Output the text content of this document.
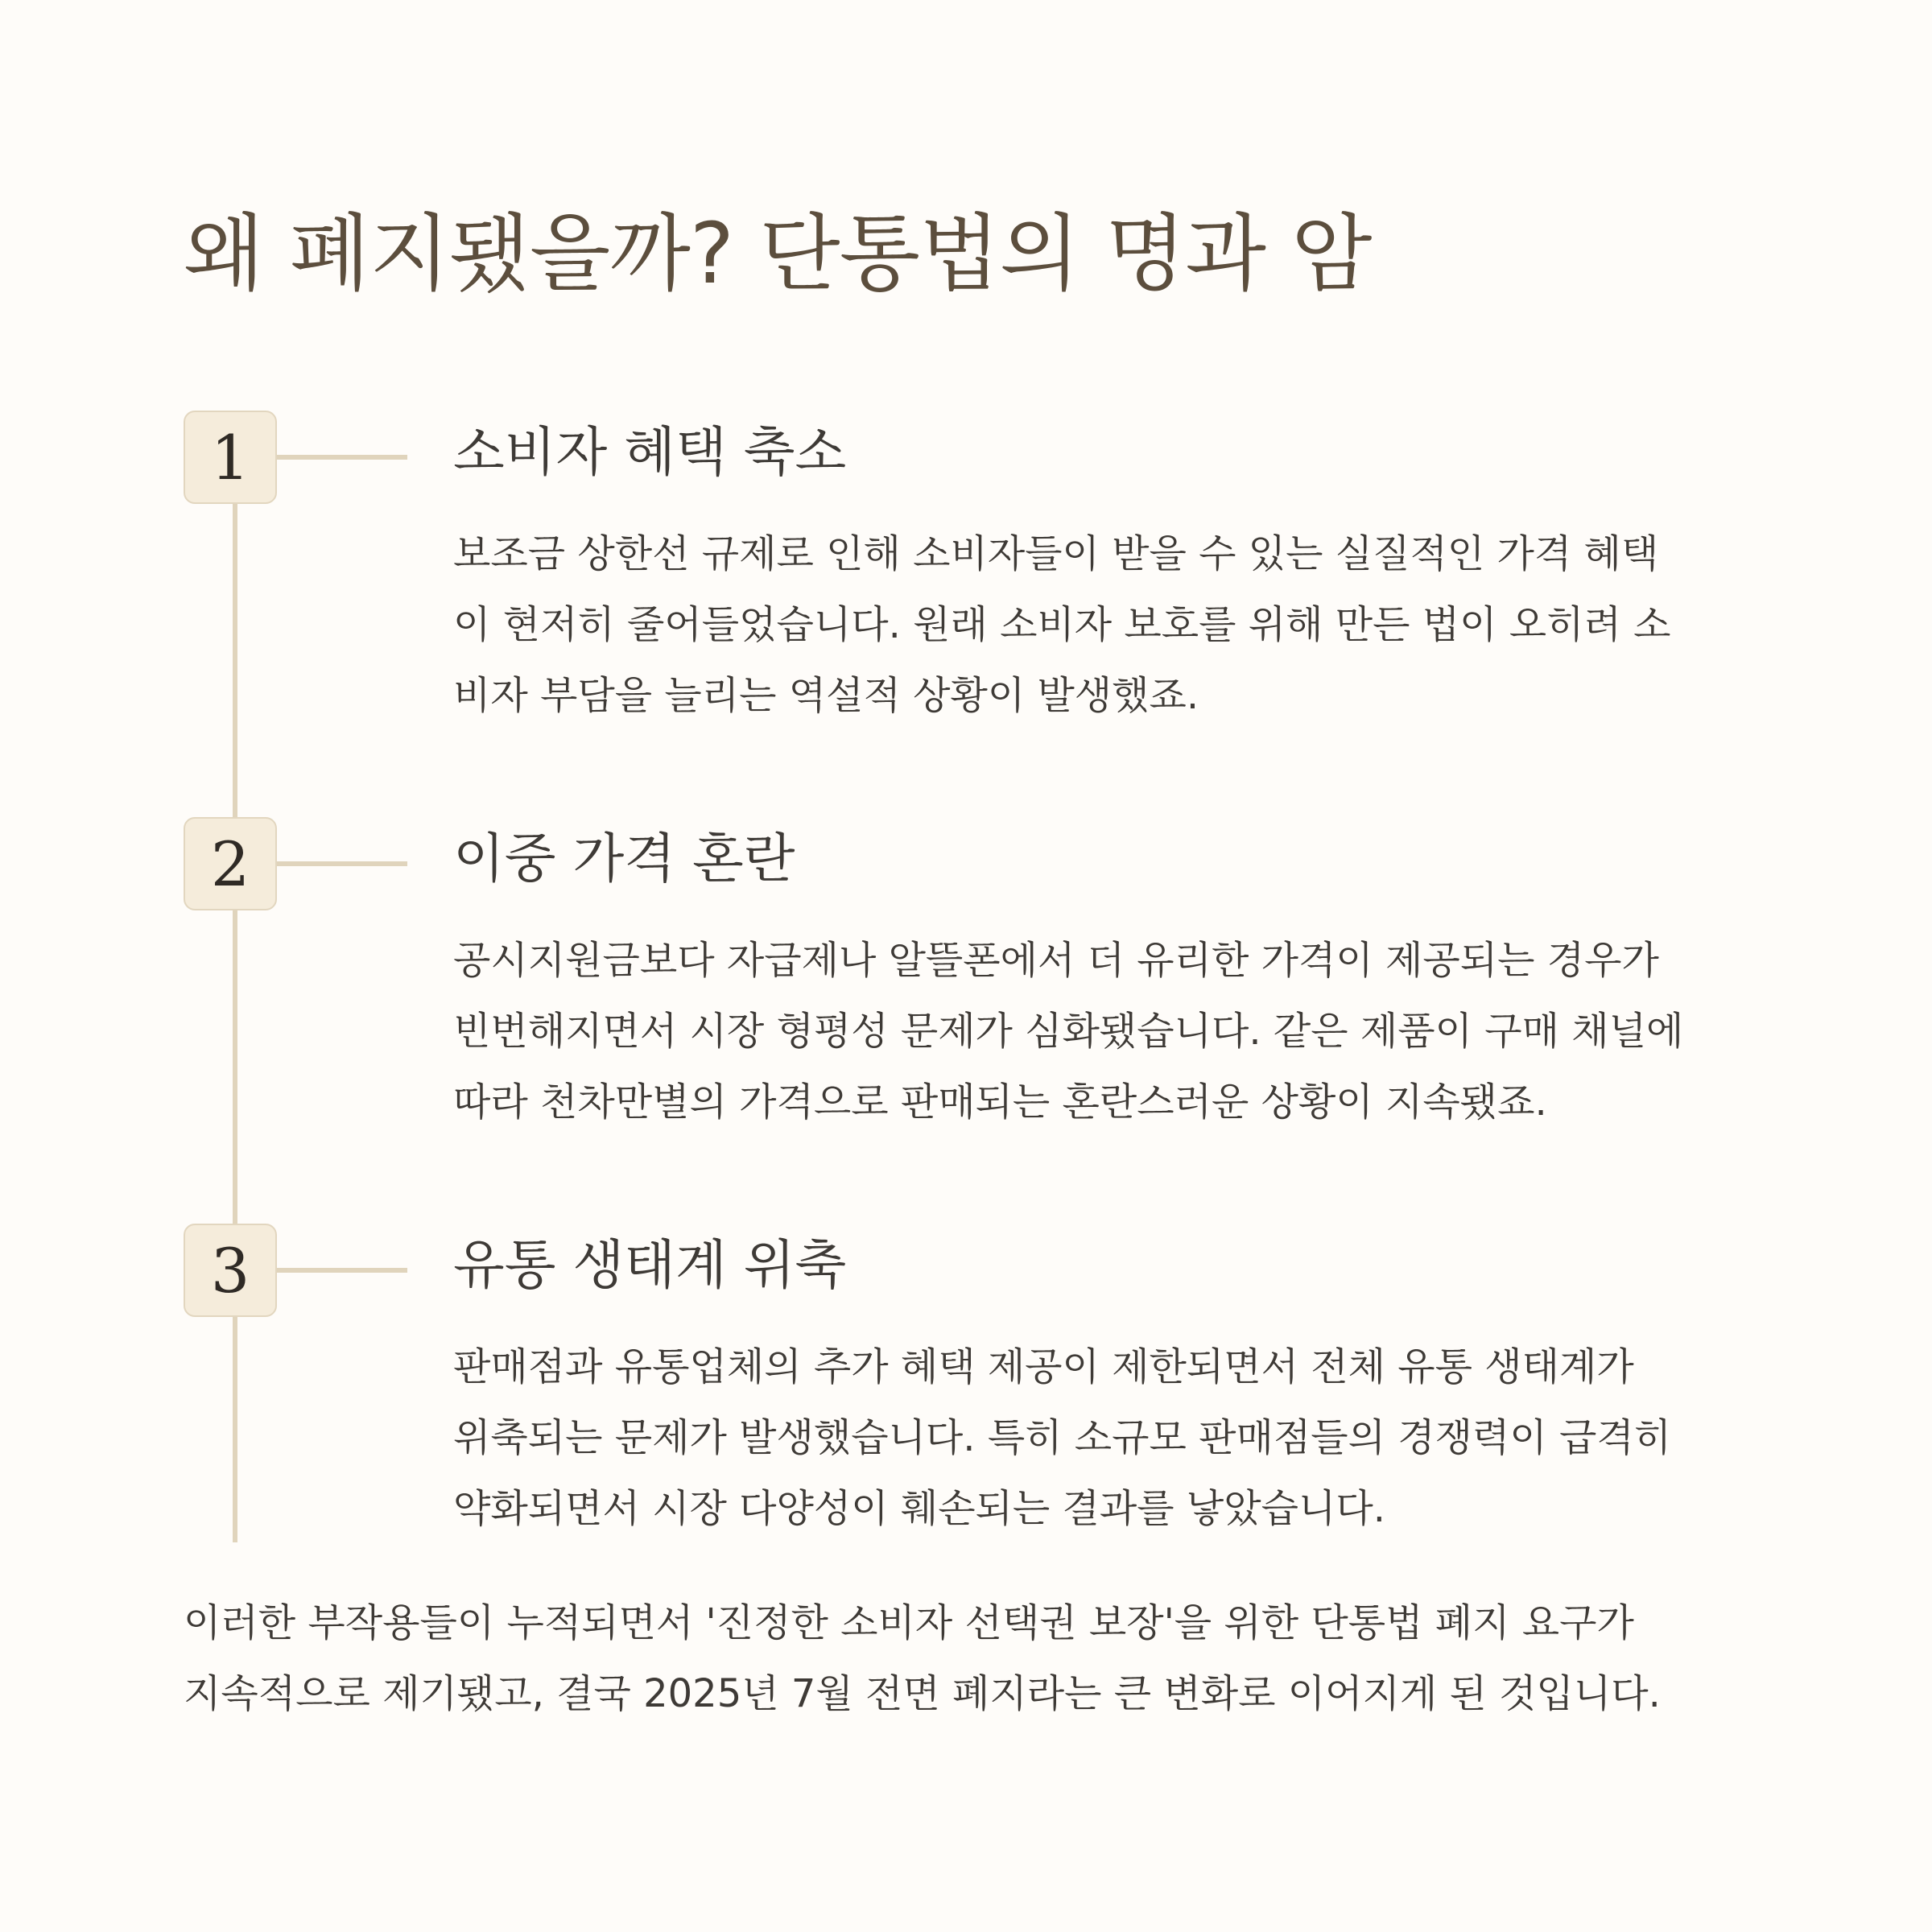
왜 폐지됐을까? 단통법의 명과 암
1	소비자 혜택 축소

보조금 상한선 규제로 인해 소비자들이 받을 수 있는 실질적인 가격 혜택
이 현저히 줄어들었습니다. 원래 소비자 보호를 위해 만든 법이 오히려 소
비자 부담을 늘리는 역설적 상황이 발생했죠.

2	이중 가격 혼란

공시지원금보다 자급제나 알뜰폰에서 더 유리한 가격이 제공되는 경우가
빈번해지면서 시장 형평성 문제가 심화됐습니다. 같은 제품이 구매 채널에
따라 천차만별의 가격으로 판매되는 혼란스러운 상황이 지속됐죠.

3	유통 생태계 위축

판매점과 유통업체의 추가 혜택 제공이 제한되면서 전체 유통 생태계가
위축되는 문제가 발생했습니다. 특히 소규모 판매점들의 경쟁력이 급격히
약화되면서 시장 다양성이 훼손되는 결과를 낳았습니다.

이러한 부작용들이 누적되면서 '진정한 소비자 선택권 보장'을 위한 단통법 폐지 요구가
지속적으로 제기됐고, 결국 2025년 7월 전면 폐지라는 큰 변화로 이어지게 된 것입니다.
